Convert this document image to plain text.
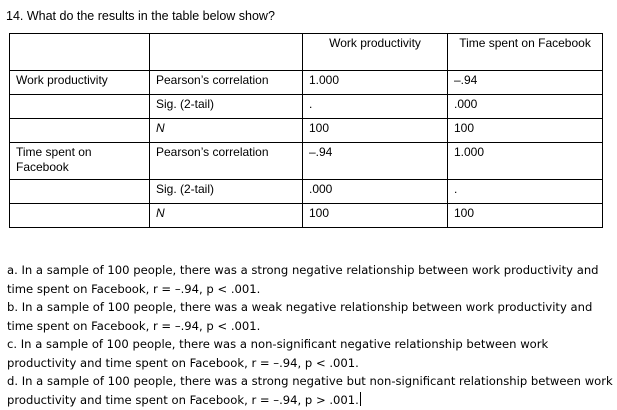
14. What do the results in the table below show?
		Work productivity	Time spent on Facebook
Work productivity	Pearson’s correlation	1.000	–.94
	Sig. (2-tail)	.	.000
	N	100	100
Time spent on Facebook	Pearson’s correlation	–.94	1.000
	Sig. (2-tail)	.000	.
	N	100	100

a. In a sample of 100 people, there was a strong negative relationship between work productivity and time spent on Facebook, r = –.94, p < .001.

b. In a sample of 100 people, there was a weak negative relationship between work productivity and time spent on Facebook, r = –.94, p < .001.

c. In a sample of 100 people, there was a non-significant negative relationship between work productivity and time spent on Facebook, r = –.94, p < .001.

d. In a sample of 100 people, there was a strong negative but non-significant relationship between work productivity and time spent on Facebook, r = –.94, p > .001.
